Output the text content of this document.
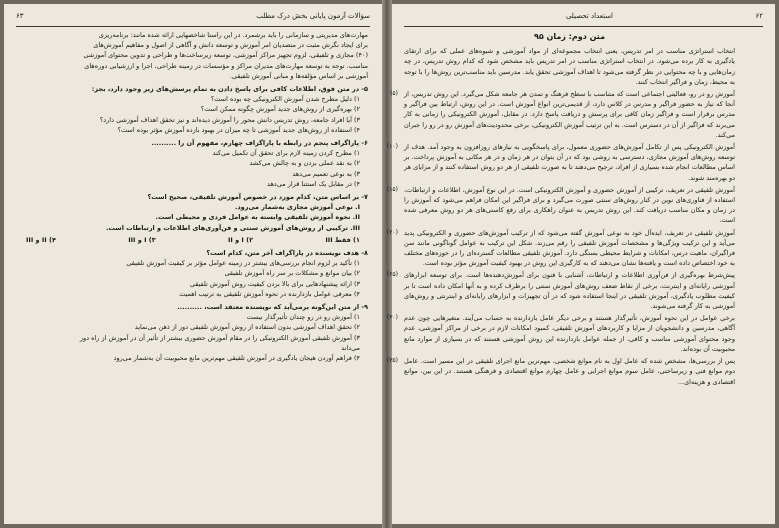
سؤالات آزمون پایانی بخش درک مطلب
۶۳

مهارت‌های مدیریتی و سازمانی را باید برشمرد. در این راستا شاخصهایی ارائه شده مانند: برنامه‌ریزی

برای ایجاد نگرش مثبت در متصدیان امر آموزش و توسعه دانش و آگاهی از اصول و مفاهیم آموزش‌های

(۴۰) مجازی و تلفیقی، لزوم تجهیز مراکز آموزشی، توسعه زیرساخت‌ها و طراحی و تدوین محتوای آموزشی

مناسب. توجه به توسعه مهارت‌های مدیران مراکز و مؤسسات در زمینه طراحی، اجرا و ارزشیابی دوره‌های

آموزشی بر اساس مؤلفه‌ها و مبانی آموزش تلفیقی.

۵- در متن فوق، اطلاعات کافی برای پاسخ دادن به تمام پرسش‌های زیر وجود دارد، بجز:

۱) دلیل مطرح شدن آموزش الکترونیکی چه بوده است؟

۲) بهره‌گیری از روش‌های جدید آموزش چگونه ممکن است؟

۳) آیا افراد جامعه، روش تدریس دانش محور را آموزش دیده‌اند و نیز تحقق اهداف آموزشی دارد؟

۴) استفاده از روش‌های جدید آموزشی تا چه میزان در بهبود بازده آموزش مؤثر بوده است؟

۶- پاراگراف پنجم در رابطه با پاراگراف چهارم، مفهوم آن را ..........

۱) مطرح کردن زمینه لازم برای تحقق آن تکمیل می‌کند

۲) به نقد عملی بردن و به چالش می‌کشد

۳) به نوعی تعمیم می‌دهد

۴) در مقابل یک استثنا قرار می‌دهد

۷- بر اساس متن، کدام مورد در خصوص آموزش تلفیقی، صحیح است؟

I. نوعی آموزش مجازی به‌شمار می‌رود.

II. نحوه آموزش تلفیقی وابسته به عوامل فردی و محیطی است.

III. ترکیبی از روش‌های آموزش سنتی و فن‌آوری‌های اطلاعات و ارتباطات است.

۱) فقط III
۲) I و II
۳) I و III
۴) II و III

۸- هدف نویسنده در پاراگراف آخر متن، کدام است؟

۱) تأکید بر لزوم انجام بررسی‌های بیشتر در زمینه عوامل مؤثر بر کیفیت آموزش تلفیقی

۲) بیان موانع و مشکلات بر سر راه آموزش تلفیقی

۳) ارائه پیشنهادهایی برای بالا بردن کیفیت روش آموزش تلفیقی

۴) معرفی عوامل بازدارنده در نحوه آموزش تلفیقی به ترتیب اهمیت

۹- از متن این‌گونه برمی‌آید که نویسنده معتقد است، ..........

۱) آموزش رو در رو چندان تأثیرگذار نیست

۲) تحقق اهداف آموزشی بدون استفاده از روش آموزش تلفیقی دور از ذهن می‌نماید

۳) آموزش تلفیقی آموزش الکترونیکی را در مقام آموزش حضوری بیشتر از تأثیر آن در آموزش از راه دور

می‌داند

۴) فراهم آوردن هیجان یادگیری در آموزش تلفیقی مهم‌ترین مانع محبوبیت آن به‌شمار می‌رود

۶۲
استعداد تحصیلی

متن دوم: زمان ۹۵

انتخاب استراتژی مناسب در امر تدریس، یعنی انتخاب مجموعه‌ای از مواد آموزشی و شیوه‌های عملی که برای ارتقای یادگیری به کار برده می‌شود. در انتخاب استراتژی مناسب در امر تدریس باید مشخص شود که کدام روش تدریس، در چه زمان‌هایی و با چه محتوایی در نظر گرفته می‌شود تا اهداف آموزشی تحقق یابد. مدرسین باید مناسب‌ترین روش‌ها را با توجه به محیط، زمان و فراگیر انتخاب کنند.

(۵) آموزش رو در رو، فعالیتی اجتماعی است که متناسب با سطح فرهنگ و تمدن هر جامعه شکل می‌گیرد. این روش تدریس، از آنجا که نیاز به حضور فراگیر و مدرس در کلاس دارد، از قدیمی‌ترین انواع آموزش است. در این روش، ارتباط بین فراگیر و مدرس برقرار است و فراگیر زمان کافی برای پرسش و دریافت پاسخ دارد. در مقابل، آموزش الکترونیکی را زمانی به کار می‌برند که فراگیر از آن در دسترس است. به این ترتیب آموزش الکترونیکی، برخی محدودیت‌های آموزش رو در رو را جبران می‌کند.

(۱۰) آموزش الکترونیکی پس از تکامل آموزش‌های حضوری معمول، برای پاسخگویی به نیازهای روزافزون به وجود آمد. هدف از توسعه روش‌های آموزش مجازی، دسترسی به روشی بود که در آن بتوان در هر زمان و در هر مکانی به آموزش پرداخت. بر اساس مطالعات انجام شده بسیاری از افراد، ترجیح می‌دهند تا به صورت تلفیقی از هر دو روش استفاده کنند و از مزایای هر دو بهره‌مند شوند.

(۱۵) آموزش تلفیقی در تعریف، ترکیبی از آموزش حضوری و آموزش الکترونیکی است. در این نوع آموزش، اطلاعات و ارتباطات، استفاده از فناوری‌های نوین در کنار روش‌های سنتی صورت می‌گیرد و برای فراگیر این امکان فراهم می‌شود که آموزش را در زمان و مکان مناسب دریافت کند. این روش تدریس به عنوان راهکاری برای رفع کاستی‌های هر دو روش معرفی شده است.

(۲۰) آموزش تلفیقی در تعریف، ایده‌آل خود به نوعی آموزش گفته می‌شود که از ترکیب آموزش‌های حضوری و الکترونیکی پدید می‌آید و این ترکیب ویژگی‌ها و مشخصات آموزش تلفیقی را رقم می‌زند. شکل این ترکیب به عوامل گوناگونی مانند سن فراگیران، ماهیت درس، امکانات و شرایط محیطی بستگی دارد. آموزش تلفیقی مطالعات گسترده‌ای را در حوزه‌های مختلف به خود اختصاص داده است و یافته‌ها نشان می‌دهند که به کارگیری این روش در بهبود کیفیت آموزش مؤثر بوده است.

(۲۵) پیش‌شرط بهره‌گیری از فن‌آوری اطلاعات و ارتباطات، آشنایی با فنون برای آموزش‌دهنده‌ها است. برای توسعه ابزارهای آموزشی رایانه‌ای و اینترنت، برخی از نقاط ضعف روش‌های آموزش سنتی را برطرف کرده و به آنها امکان داده است تا بر کیفیت مطلوب یادگیری، آموزش تلفیقی در اینجا استفاده شود که در آن تجهیزات و ابزارهای رایانه‌ای و اینترنتی و روش‌های آموزشی به کار گرفته می‌شوند.

(۳۰) برخی عوامل در این نحوه آموزش، تأثیرگذار هستند و برخی دیگر عامل بازدارنده به حساب می‌آیند. متغیرهایی چون عدم آگاهی، مدرسین و دانشجویان از مزایا و کاربردهای آموزش تلفیقی، کمبود امکانات لازم در برخی از مراکز آموزشی، عدم وجود محتوای آموزشی مناسب و کافی، از جمله عوامل بازدارنده این روش آموزشی هستند که در بسیاری از موارد مانع محبوبیت آن بوده‌اند.

(۳۵) پس از بررسی‌ها، مشخص شده که عامل اول به نام موانع شخصی، مهم‌ترین مانع اجرای تلفیقی در این مسیر است. عامل دوم موانع فنی و زیرساختی، عامل سوم موانع اجرایی و عامل چهارم موانع اقتصادی و فرهنگی هستند. در این بین، موانع اقتصادی و هزینه‌ای...
